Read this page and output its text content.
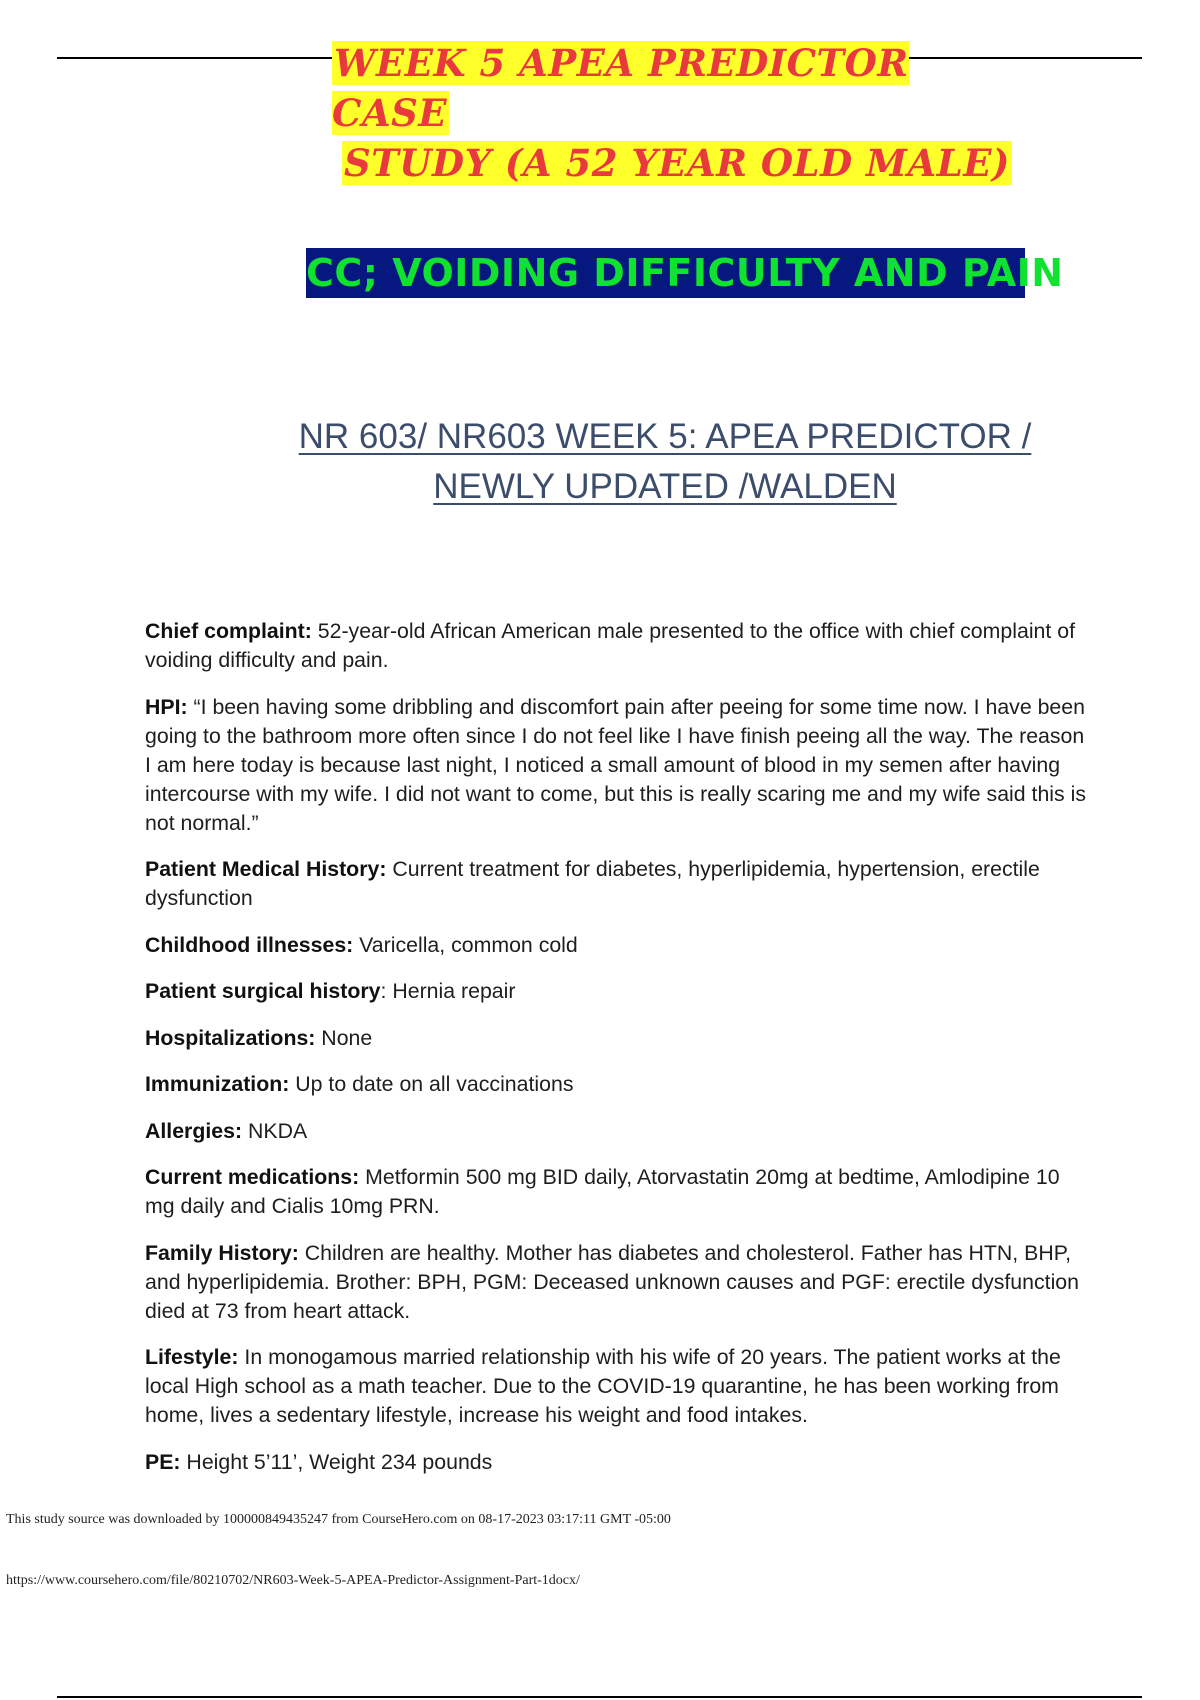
WEEK 5 APEA PREDICTOR CASE
STUDY (A 52 YEAR OLD MALE)
CC; VOIDING DIFFICULTY AND PAIN
NR 603/ NR603 WEEK 5: APEA PREDICTOR /
NEWLY UPDATED /WALDEN

Chief complaint: 52-year-old African American male presented to the office with chief complaint of voiding difficulty and pain.

HPI: “I been having some dribbling and discomfort pain after peeing for some time now. I have been going to the bathroom more often since I do not feel like I have finish peeing all the way. The reason I am here today is because last night, I noticed a small amount of blood in my semen after having intercourse with my wife. I did not want to come, but this is really scaring me and my wife said this is not normal.”

Patient Medical History: Current treatment for diabetes, hyperlipidemia, hypertension, erectile dysfunction

Childhood illnesses: Varicella, common cold

Patient surgical history: Hernia repair

Hospitalizations: None

Immunization: Up to date on all vaccinations

Allergies: NKDA

Current medications: Metformin 500 mg BID daily, Atorvastatin 20mg at bedtime, Amlodipine 10 mg daily and Cialis 10mg PRN.

Family History: Children are healthy. Mother has diabetes and cholesterol. Father has HTN, BHP, and hyperlipidemia. Brother: BPH, PGM: Deceased unknown causes and PGF: erectile dysfunction died at 73 from heart attack.

Lifestyle: In monogamous married relationship with his wife of 20 years. The patient works at the local High school as a math teacher. Due to the COVID-19 quarantine, he has been working from home, lives a sedentary lifestyle, increase his weight and food intakes.

PE: Height 5’11’, Weight 234 pounds

This study source was downloaded by 100000849435247 from CourseHero.com on 08-17-2023 03:17:11 GMT -05:00
https://www.coursehero.com/file/80210702/NR603-Week-5-APEA-Predictor-Assignment-Part-1docx/
